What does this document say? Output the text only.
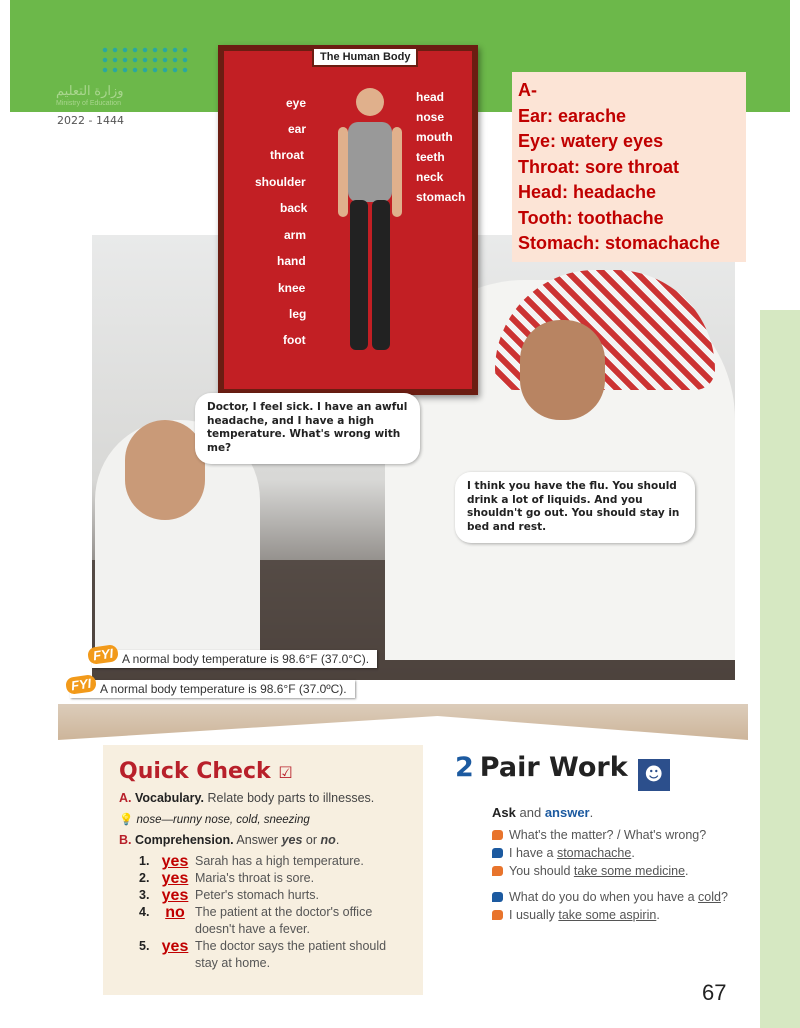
وزارة التعليم
Ministry of Education
2022 - 1444
The Human Body
eye
ear
throat
shoulder
back
arm
hand
knee
leg
foot
head
nose
mouth
teeth
neck
stomach
A-
Ear: earache
Eye: watery eyes
Throat: sore throat
Head: headache
Tooth: toothache
Stomach: stomachache
Doctor, I feel sick. I have an awful headache, and I have a high temperature. What's wrong with me?
I think you have the flu. You should drink a lot of liquids. And you shouldn't go out. You should stay in bed and rest.
FYI A normal body temperature is 98.6°F (37.0°C).
FYI A normal body temperature is 98.6°F (37.0ºC).
Quick Check ☑
A. Vocabulary. Relate body parts to illnesses.
💡 nose—runny nose, cold, sneezing
B. Comprehension. Answer yes or no.
1. yes Sarah has a high temperature.
2. yes Maria's throat is sore.
3. yes Peter's stomach hurts.
4. no The patient at the doctor's office doesn't have a fever.
5. yes The doctor says the patient should stay at home.
2 Pair Work ☻
Ask
and
answer .
What's the matter? / What's wrong?
I have a stomachache .
You should take some medicine .
What do you do when you have a cold ?
I usually take some aspirin .
67
